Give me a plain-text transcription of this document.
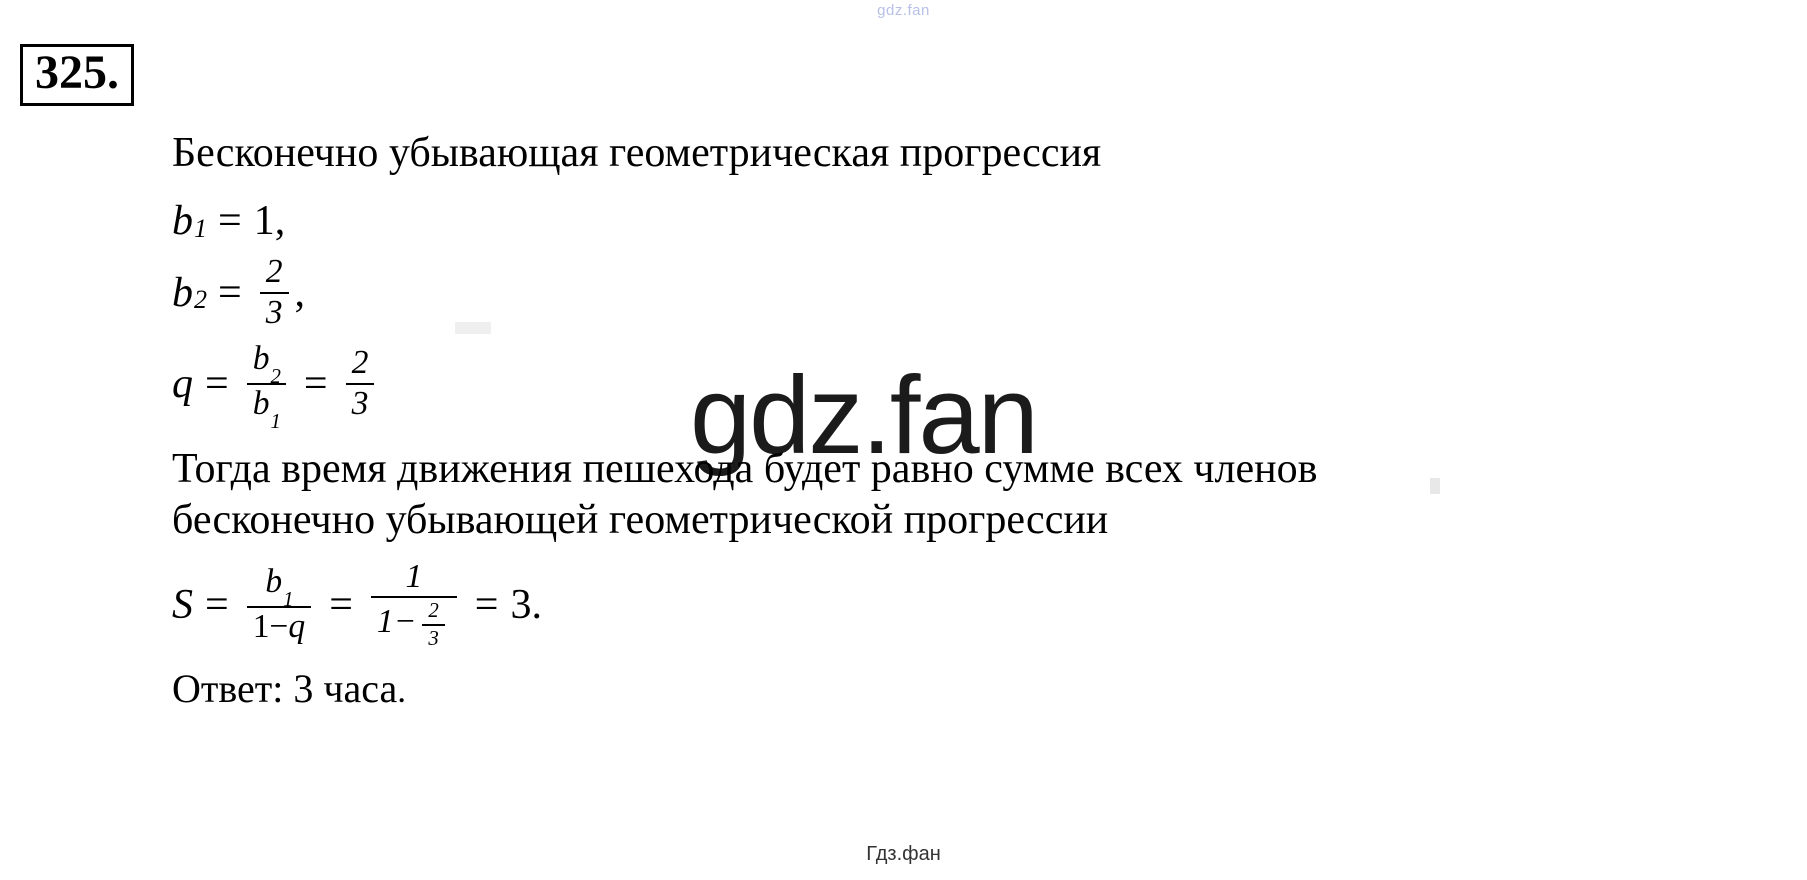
gdz.fan
325.
gdz.fan
Бесконечно убывающая геометрическая прогрессия
b 1 = 1 ,
b $2 = \frac{2}{3}$ ,
$q = \frac{b_2}{b_1} = \frac{2}{3}$
Тогда время движения пешехода будет равно сумме всех членов
бесконечно убывающей геометрической прогрессии
$S = \frac{b_1}{1-q} = \frac{1}{1- \frac{2}{3}} = 3$ .
Ответ: 3 часа.
Гдз.фан
